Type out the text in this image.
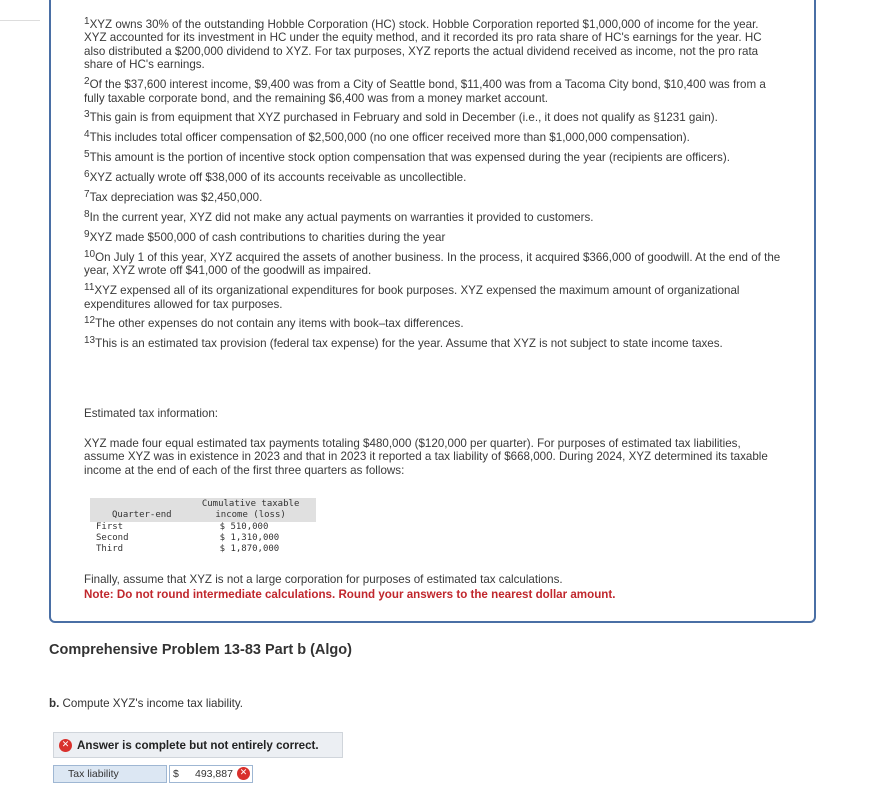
$^1$XYZ owns 30% of the outstanding Hobble Corporation (HC) stock. Hobble Corporation reported $1,000,000 of income for the year. XYZ accounted for its investment in HC under the equity method, and it recorded its pro rata share of HC's earnings for the year. HC also distributed a $200,000 dividend to XYZ. For tax purposes, XYZ reports the actual dividend received as income, not the pro rata share of HC's earnings.
$^2$Of the $37,600 interest income, $9,400 was from a City of Seattle bond, $11,400 was from a Tacoma City bond, $10,400 was from a fully taxable corporate bond, and the remaining $6,400 was from a money market account.
$^3$This gain is from equipment that XYZ purchased in February and sold in December (i.e., it does not qualify as §1231 gain).
$^4$This includes total officer compensation of $2,500,000 (no one officer received more than $1,000,000 compensation).
$^5$This amount is the portion of incentive stock option compensation that was expensed during the year (recipients are officers).
$^6$XYZ actually wrote off $38,000 of its accounts receivable as uncollectible.
$^7$Tax depreciation was $2,450,000.
$^8$In the current year, XYZ did not make any actual payments on warranties it provided to customers.
$^9$XYZ made $500,000 of cash contributions to charities during the year
$^{10}$On July 1 of this year, XYZ acquired the assets of another business. In the process, it acquired $366,000 of goodwill. At the end of the year, XYZ wrote off $41,000 of the goodwill as impaired.
$^{11}$XYZ expensed all of its organizational expenditures for book purposes. XYZ expensed the maximum amount of organizational expenditures allowed for tax purposes.
$^{12}$The other expenses do not contain any items with book–tax differences.
$^{13}$This is an estimated tax provision (federal tax expense) for the year. Assume that XYZ is not subject to state income taxes.
Estimated tax information:
XYZ made four equal estimated tax payments totaling $480,000 ($120,000 per quarter). For purposes of estimated tax liabilities, assume XYZ was in existence in 2023 and that in 2023 it reported a tax liability of $668,000. During 2024, XYZ determined its taxable income at the end of each of the first three quarters as follows:
Quarter-end	Cumulative taxable
income (loss)
First	$ 510,000
Second	$ 1,310,000
Third	$ 1,870,000
Finally, assume that XYZ is not a large corporation for purposes of estimated tax calculations.
Note: Do not round intermediate calculations. Round your answers to the nearest dollar amount.
Comprehensive Problem 13-83 Part b (Algo)
b. Compute XYZ's income tax liability.
✕ Answer is complete but not entirely correct.
Tax liability	$ 493,887 ✕
